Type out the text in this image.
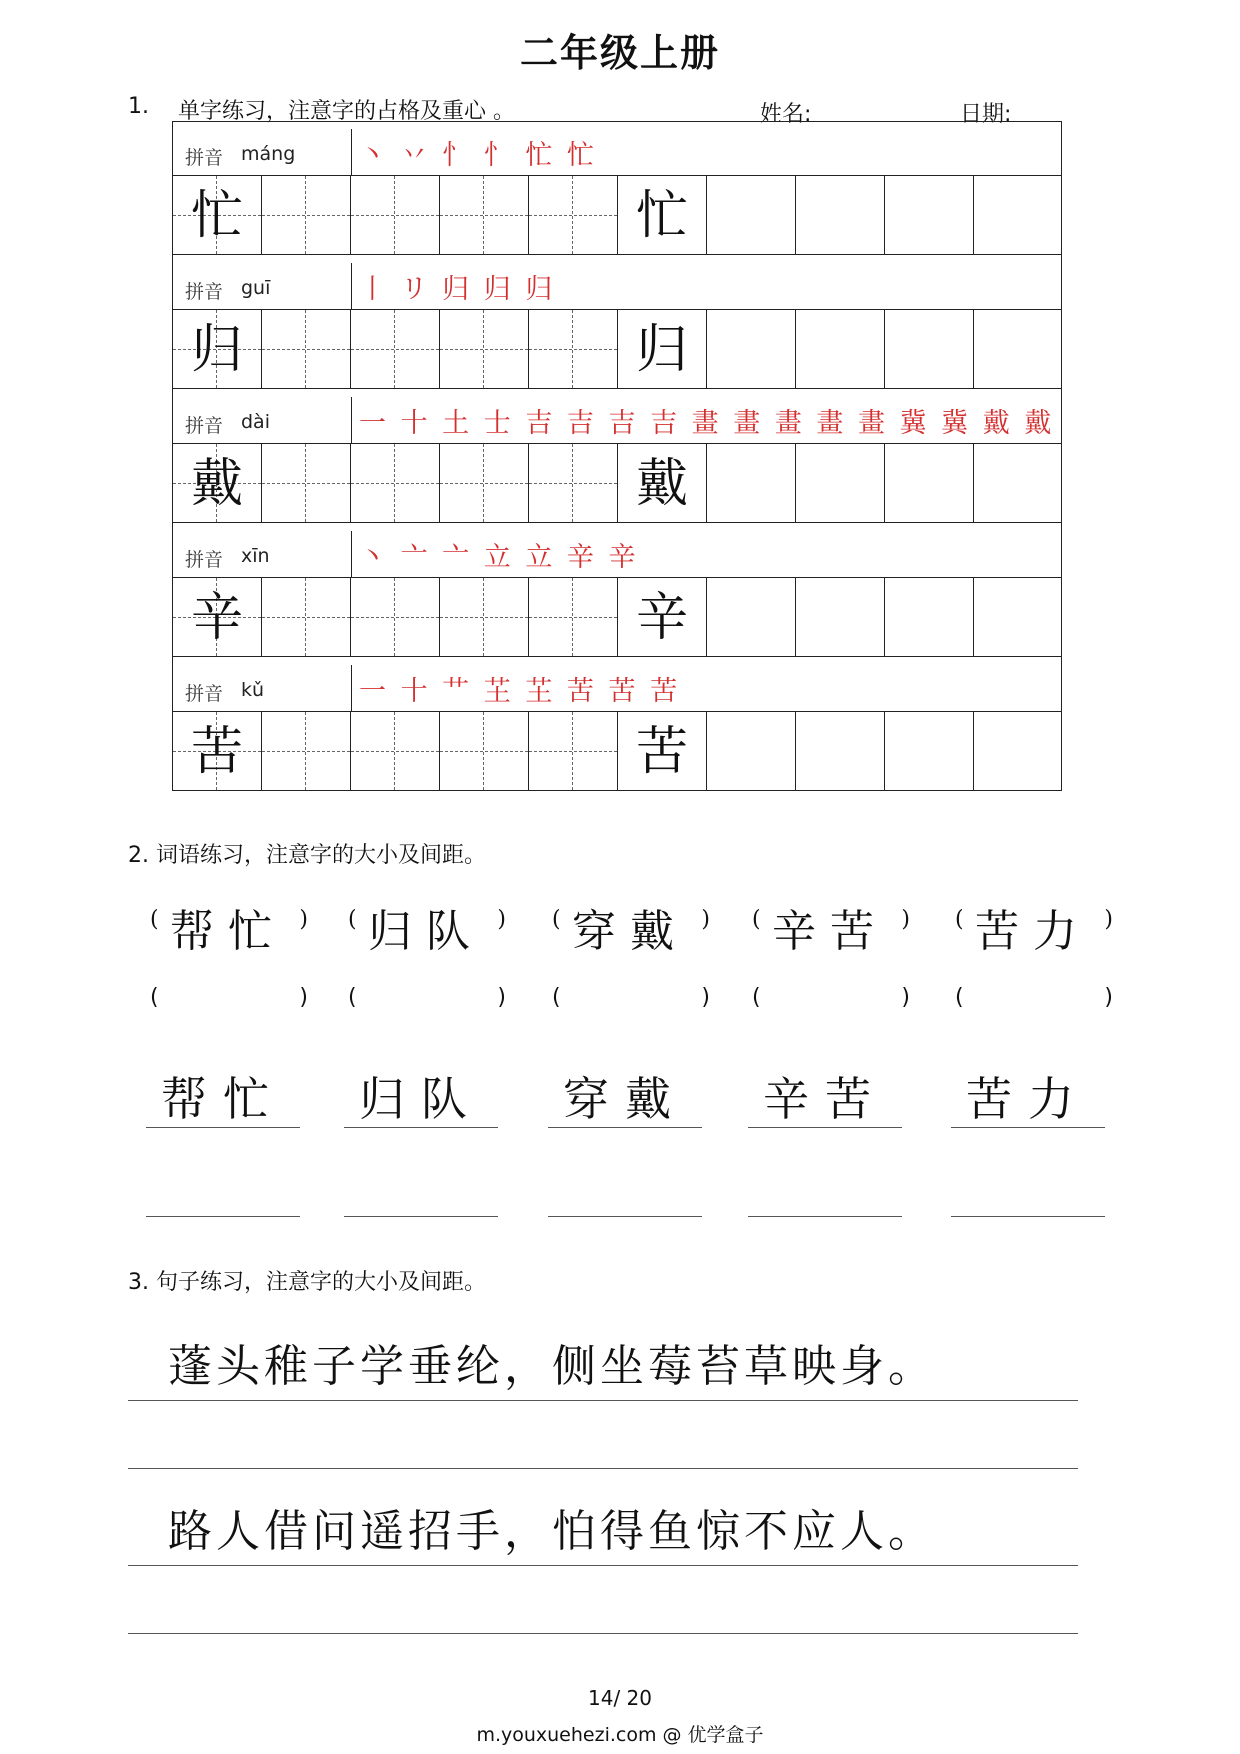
二年级上册
1. 单字练习，注意字的占格及重心 。	姓名:	日期:
拼音 máng	丶 丷 忄 忄 忙 忙
忙	忙
拼音 guī	丨 リ 归 归 归
归	归
拼音 dài	一 十 土 士 吉 吉 吉 吉 畫 畫 畫 畫 畫 冀 冀 戴 戴
戴	戴
拼音 xīn	丶 亠 亠 立 立 辛 辛
辛	辛
拼音 kǔ	一 十 艹 芏 芏 苦 苦 苦
苦	苦
2. 词语练习，注意字的大小及间距。
( 帮忙 )
(	)
帮忙
( 归队 )
(	)
归队
( 穿戴 )
(	)
穿戴
( 辛苦 )
(	)
辛苦
( 苦力 )
(	)
苦力
3. 句子练习，注意字的大小及间距。
蓬头稚子学垂纶，侧坐莓苔草映身。
路人借问遥招手，怕得鱼惊不应人。
14/ 20
m.youxuehezi.com @ 优学盒子
